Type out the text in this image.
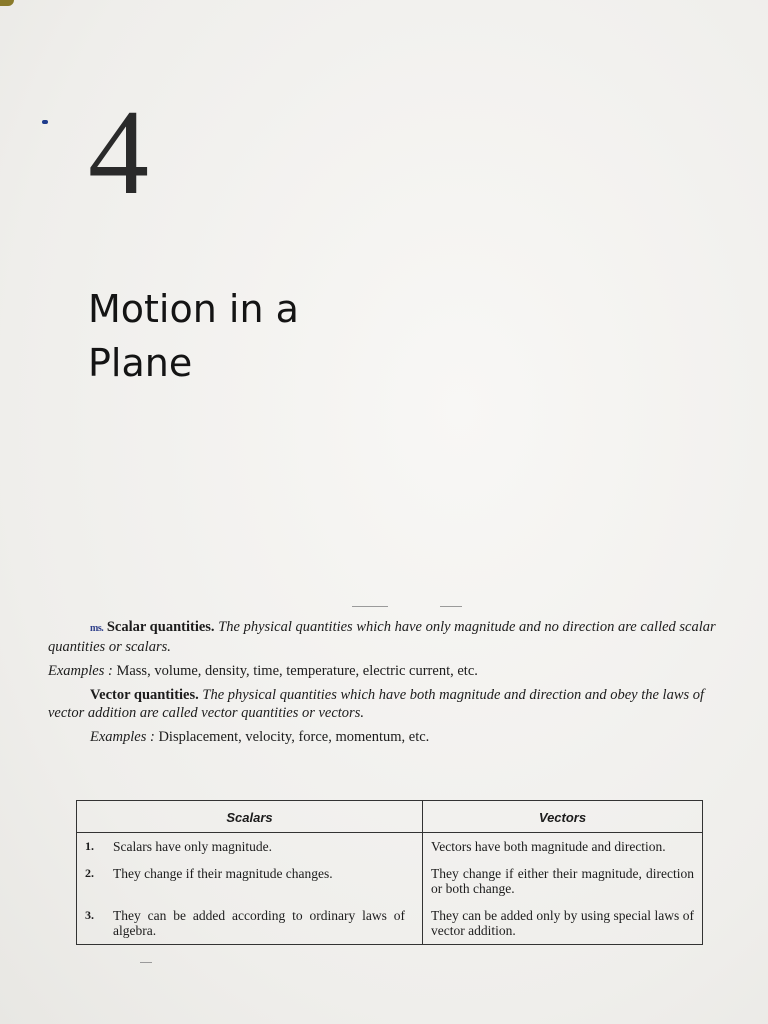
4
Motion in a
Plane

ms. Scalar quantities. The physical quantities which have only magnitude and no direction are called scalar quantities or scalars.

Examples : Mass, volume, density, time, temperature, electric current, etc.

Vector quantities. The physical quantities which have both magnitude and direction and obey the laws of vector addition are called vector quantities or vectors.

Examples : Displacement, velocity, force, momentum, etc.

Scalars	Vectors
1. Scalars have only magnitude.	Vectors have both magnitude and direction.
2. They change if their magnitude changes.	They change if either their magnitude, direction or both change.
3. They can be added according to ordinary laws of algebra.	They can be added only by using special laws of vector addition.
